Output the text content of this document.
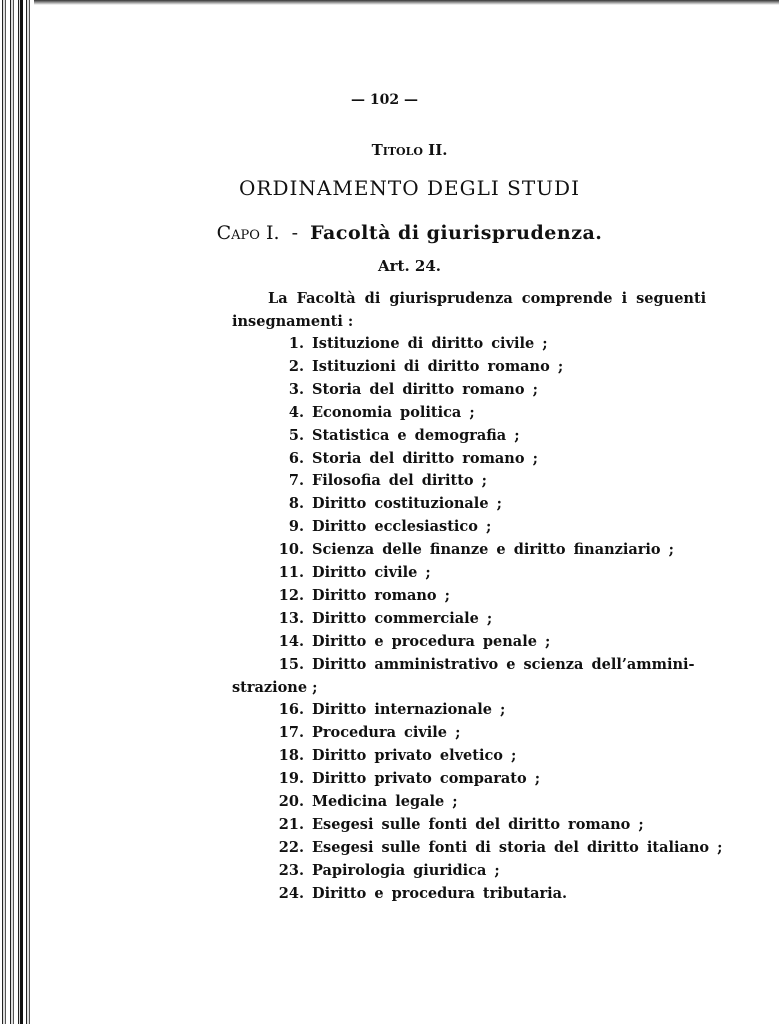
— 102 —
Titolo II.
ORDINAMENTO DEGLI STUDI
Capo I. - Facoltà di giurisprudenza.
Art. 24.
La Facoltà di giurisprudenza comprende i seguenti
insegnamenti :
1. Istituzione di diritto civile ;
2. Istituzioni di diritto romano ;
3. Storia del diritto romano ;
4. Economia politica ;
5. Statistica e demografia ;
6. Storia del diritto romano ;
7. Filosofia del diritto ;
8. Diritto costituzionale ;
9. Diritto ecclesiastico ;
10. Scienza delle finanze e diritto finanziario ;
11. Diritto civile ;
12. Diritto romano ;
13. Diritto commerciale ;
14. Diritto e procedura penale ;
15. Diritto amministrativo e scienza dell’ammini-
strazione ;
16. Diritto internazionale ;
17. Procedura civile ;
18. Diritto privato elvetico ;
19. Diritto privato comparato ;
20. Medicina legale ;
21. Esegesi sulle fonti del diritto romano ;
22. Esegesi sulle fonti di storia del diritto italiano ;
23. Papirologia giuridica ;
24. Diritto e procedura tributaria.
